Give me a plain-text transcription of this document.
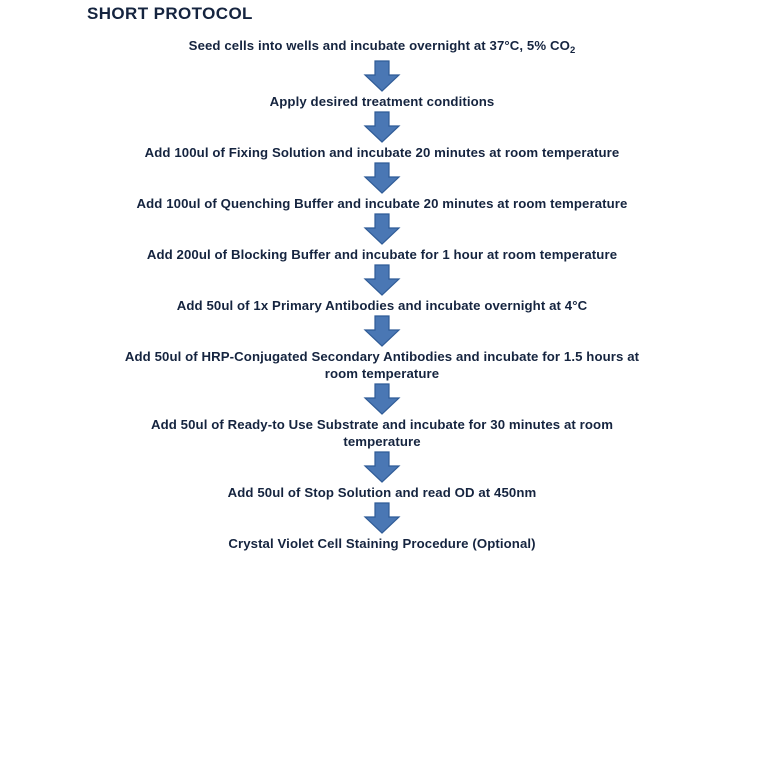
SHORT PROTOCOL
Seed cells into wells and incubate overnight at 37°C, 5% $CO_2$
Apply desired treatment conditions
Add 100ul of Fixing Solution and incubate 20 minutes at room temperature
Add 100ul of Quenching Buffer and incubate 20 minutes at room temperature
Add 200ul of Blocking Buffer and incubate for 1 hour at room temperature
Add 50ul of 1x Primary Antibodies and incubate overnight at 4°C
Add 50ul of HRP-Conjugated Secondary Antibodies and incubate for 1.5 hours at room temperature
Add 50ul of Ready-to Use Substrate and incubate for 30 minutes at room temperature
Add 50ul of Stop Solution and read OD at 450nm
Crystal Violet Cell Staining Procedure (Optional)
